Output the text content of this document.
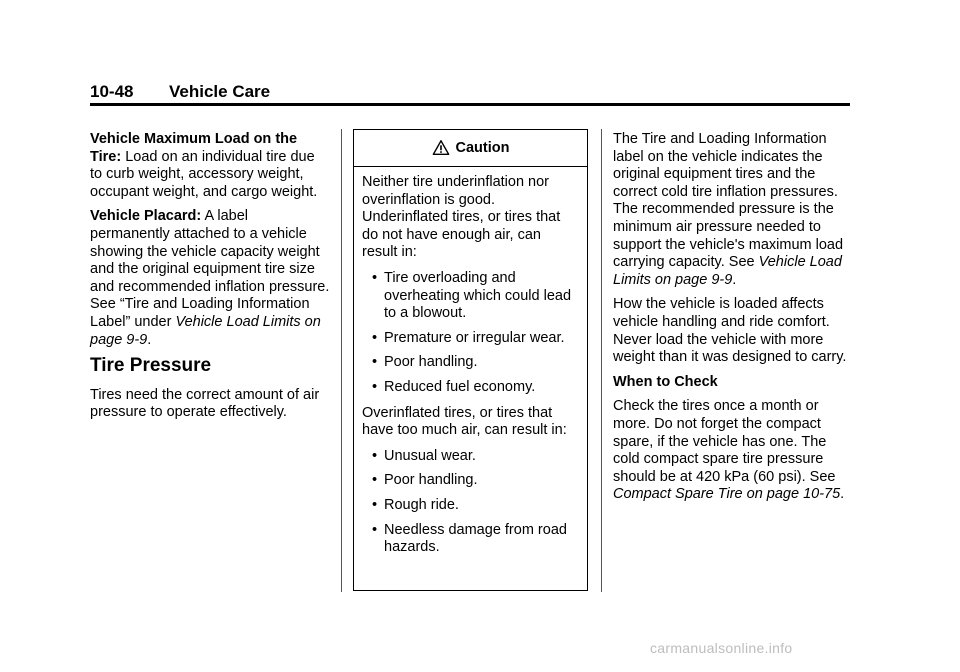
10-48 Vehicle Care

Vehicle Maximum Load on the Tire: Load on an individual tire due to curb weight, accessory weight, occupant weight, and cargo weight.

Vehicle Placard: A label permanently attached to a vehicle showing the vehicle capacity weight and the original equipment tire size and recommended inflation pressure. See “Tire and Loading Information Label” under Vehicle Load Limits on page 9-9.

Tire Pressure

Tires need the correct amount of air pressure to operate effectively.

Caution

Neither tire underinflation nor overinflation is good. Underinflated tires, or tires that do not have enough air, can result in:

• Tire overloading and overheating which could lead to a blowout.
• Premature or irregular wear.
• Poor handling.
• Reduced fuel economy.

Overinflated tires, or tires that have too much air, can result in:

• Unusual wear.
• Poor handling.
• Rough ride.
• Needless damage from road hazards.

The Tire and Loading Information label on the vehicle indicates the original equipment tires and the correct cold tire inflation pressures. The recommended pressure is the minimum air pressure needed to support the vehicle's maximum load carrying capacity. See Vehicle Load Limits on page 9-9.

How the vehicle is loaded affects vehicle handling and ride comfort. Never load the vehicle with more weight than it was designed to carry.

When to Check

Check the tires once a month or more. Do not forget the compact spare, if the vehicle has one. The cold compact spare tire pressure should be at 420 kPa (60 psi). See Compact Spare Tire on page 10-75.

carmanualsonline.info
